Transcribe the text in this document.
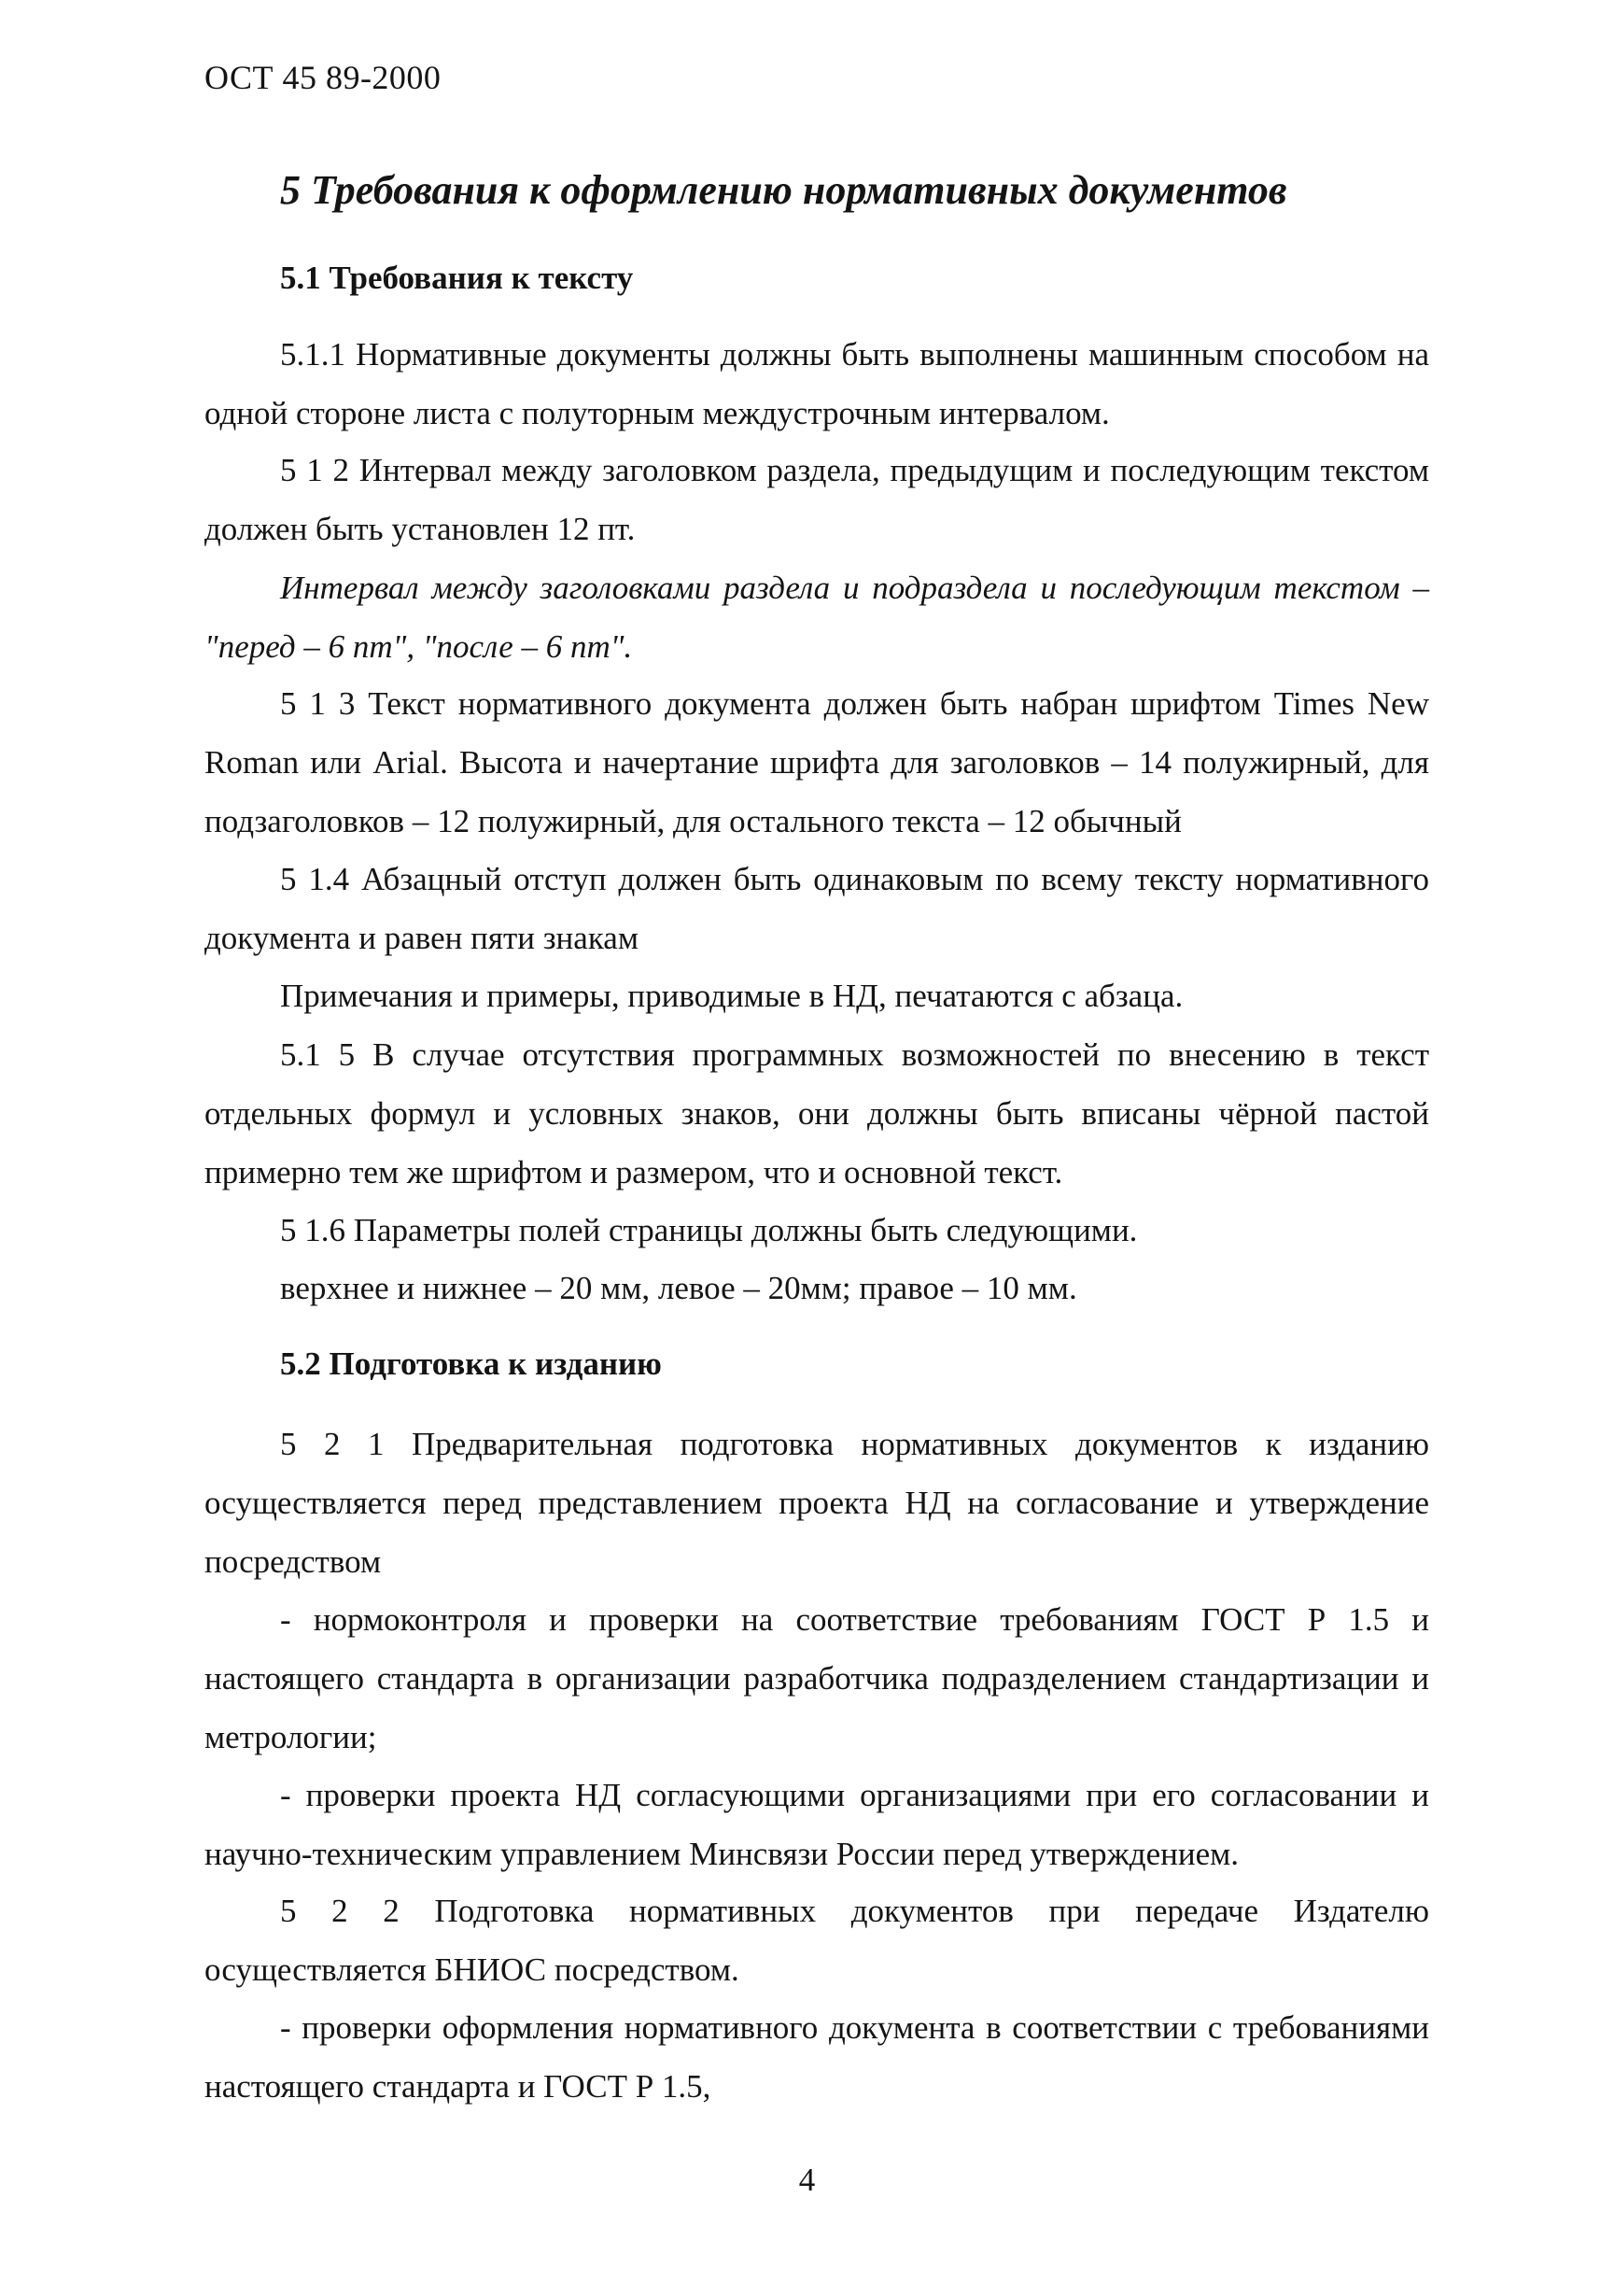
ОСТ 45 89-2000
5 Требования к оформлению нормативных документов
5.1 Требования к тексту
5.1.1 Нормативные документы должны быть выполнены машинным способом на одной стороне листа с полуторным междустрочным интервалом.
5 1 2 Интервал между заголовком раздела, предыдущим и последующим текстом должен быть установлен 12 пт.
Интервал между заголовками раздела и подраздела и последующим текстом – "перед – 6 пт", "после – 6 пт".
5 1 3 Текст нормативного документа должен быть набран шрифтом Times New Roman или Arial. Высота и начертание шрифта для заголовков – 14 полужирный, для подзаголовков – 12 полужирный, для остального текста – 12 обычный
5 1.4 Абзацный отступ должен быть одинаковым по всему тексту нормативного документа и равен пяти знакам
Примечания и примеры, приводимые в НД, печатаются с абзаца.
5.1 5 В случае отсутствия программных возможностей по внесению в текст отдельных формул и условных знаков, они должны быть вписаны чёрной пастой примерно тем же шрифтом и размером, что и основной текст.
5 1.6 Параметры полей страницы должны быть следующими.
верхнее и нижнее – 20 мм, левое – 20мм; правое – 10 мм.
5.2 Подготовка к изданию
5 2 1 Предварительная подготовка нормативных документов к изданию осуществляется перед представлением проекта НД на согласование и утверждение посредством
- нормоконтроля и проверки на соответствие требованиям ГОСТ Р 1.5 и настоящего стандарта в организации разработчика подразделением стандартизации и метрологии;
- проверки проекта НД согласующими организациями при его согласовании и научно-техническим управлением Минсвязи России перед утверждением.
5 2 2 Подготовка нормативных документов при передаче Издателю осуществляется БНИОС посредством.
- проверки оформления нормативного документа в соответствии с требованиями настоящего стандарта и ГОСТ Р 1.5,
4
